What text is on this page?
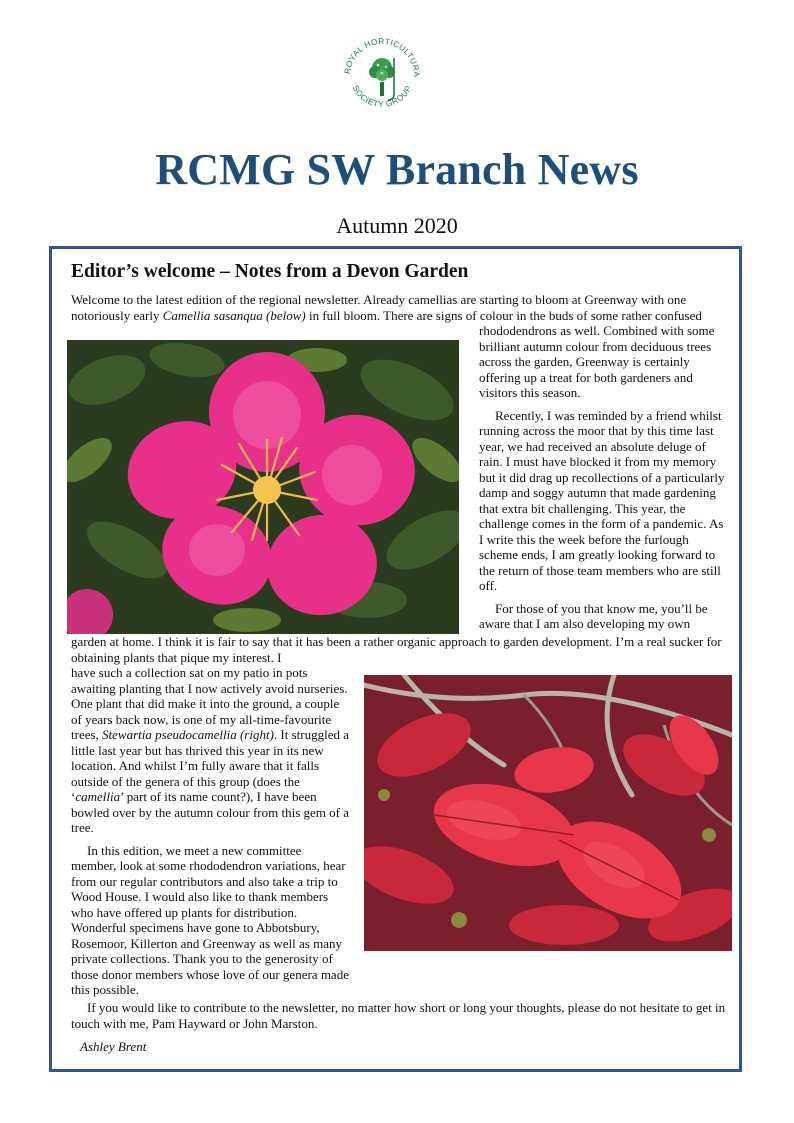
ROYAL HORTICULTURA
SOCIETY GROUP
RCMG SW Branch News
Autumn 2020
Editor’s welcome – Notes from a Devon Garden
Welcome to the latest edition of the regional newsletter. Already camellias are starting to bloom at Greenway with one notoriously early Camellia sasanqua (below) in full bloom. There are signs of colour in the buds of some rather confused

rhododendrons as well. Combined with some brilliant autumn colour from deciduous trees across the garden, Greenway is certainly offering up a treat for both gardeners and visitors this season.

Recently, I was reminded by a friend whilst running across the moor that by this time last year, we had received an absolute deluge of rain. I must have blocked it from my memory but it did drag up recollections of a particularly damp and soggy autumn that made gardening that extra bit challenging. This year, the challenge comes in the form of a pandemic. As I write this the week before the furlough scheme ends, I am greatly looking forward to the return of those team members who are still off.

For those of you that know me, you’ll be aware that I am also developing my own

garden at home. I think it is fair to say that it has been a rather organic approach to garden development. I’m a real sucker for obtaining plants that pique my interest. I

have such a collection sat on my patio in pots awaiting planting that I now actively avoid nurseries. One plant that did make it into the ground, a couple of years back now, is one of my all-time-favourite trees, Stewartia pseudocamellia (right). It struggled a little last year but has thrived this year in its new location. And whilst I’m fully aware that it falls outside of the genera of this group (does the ‘camellia’ part of its name count?), I have been bowled over by the autumn colour from this gem of a tree.

In this edition, we meet a new committee member, look at some rhododendron variations, hear from our regular contributors and also take a trip to Wood House. I would also like to thank members who have offered up plants for distribution. Wonderful specimens have gone to Abbotsbury, Rosemoor, Killerton and Greenway as well as many private collections. Thank you to the generosity of those donor members whose love of our genera made this possible.

If you would like to contribute to the newsletter, no matter how short or long your thoughts, please do not hesitate to get in touch with me, Pam Hayward or John Marston.
Ashley Brent
